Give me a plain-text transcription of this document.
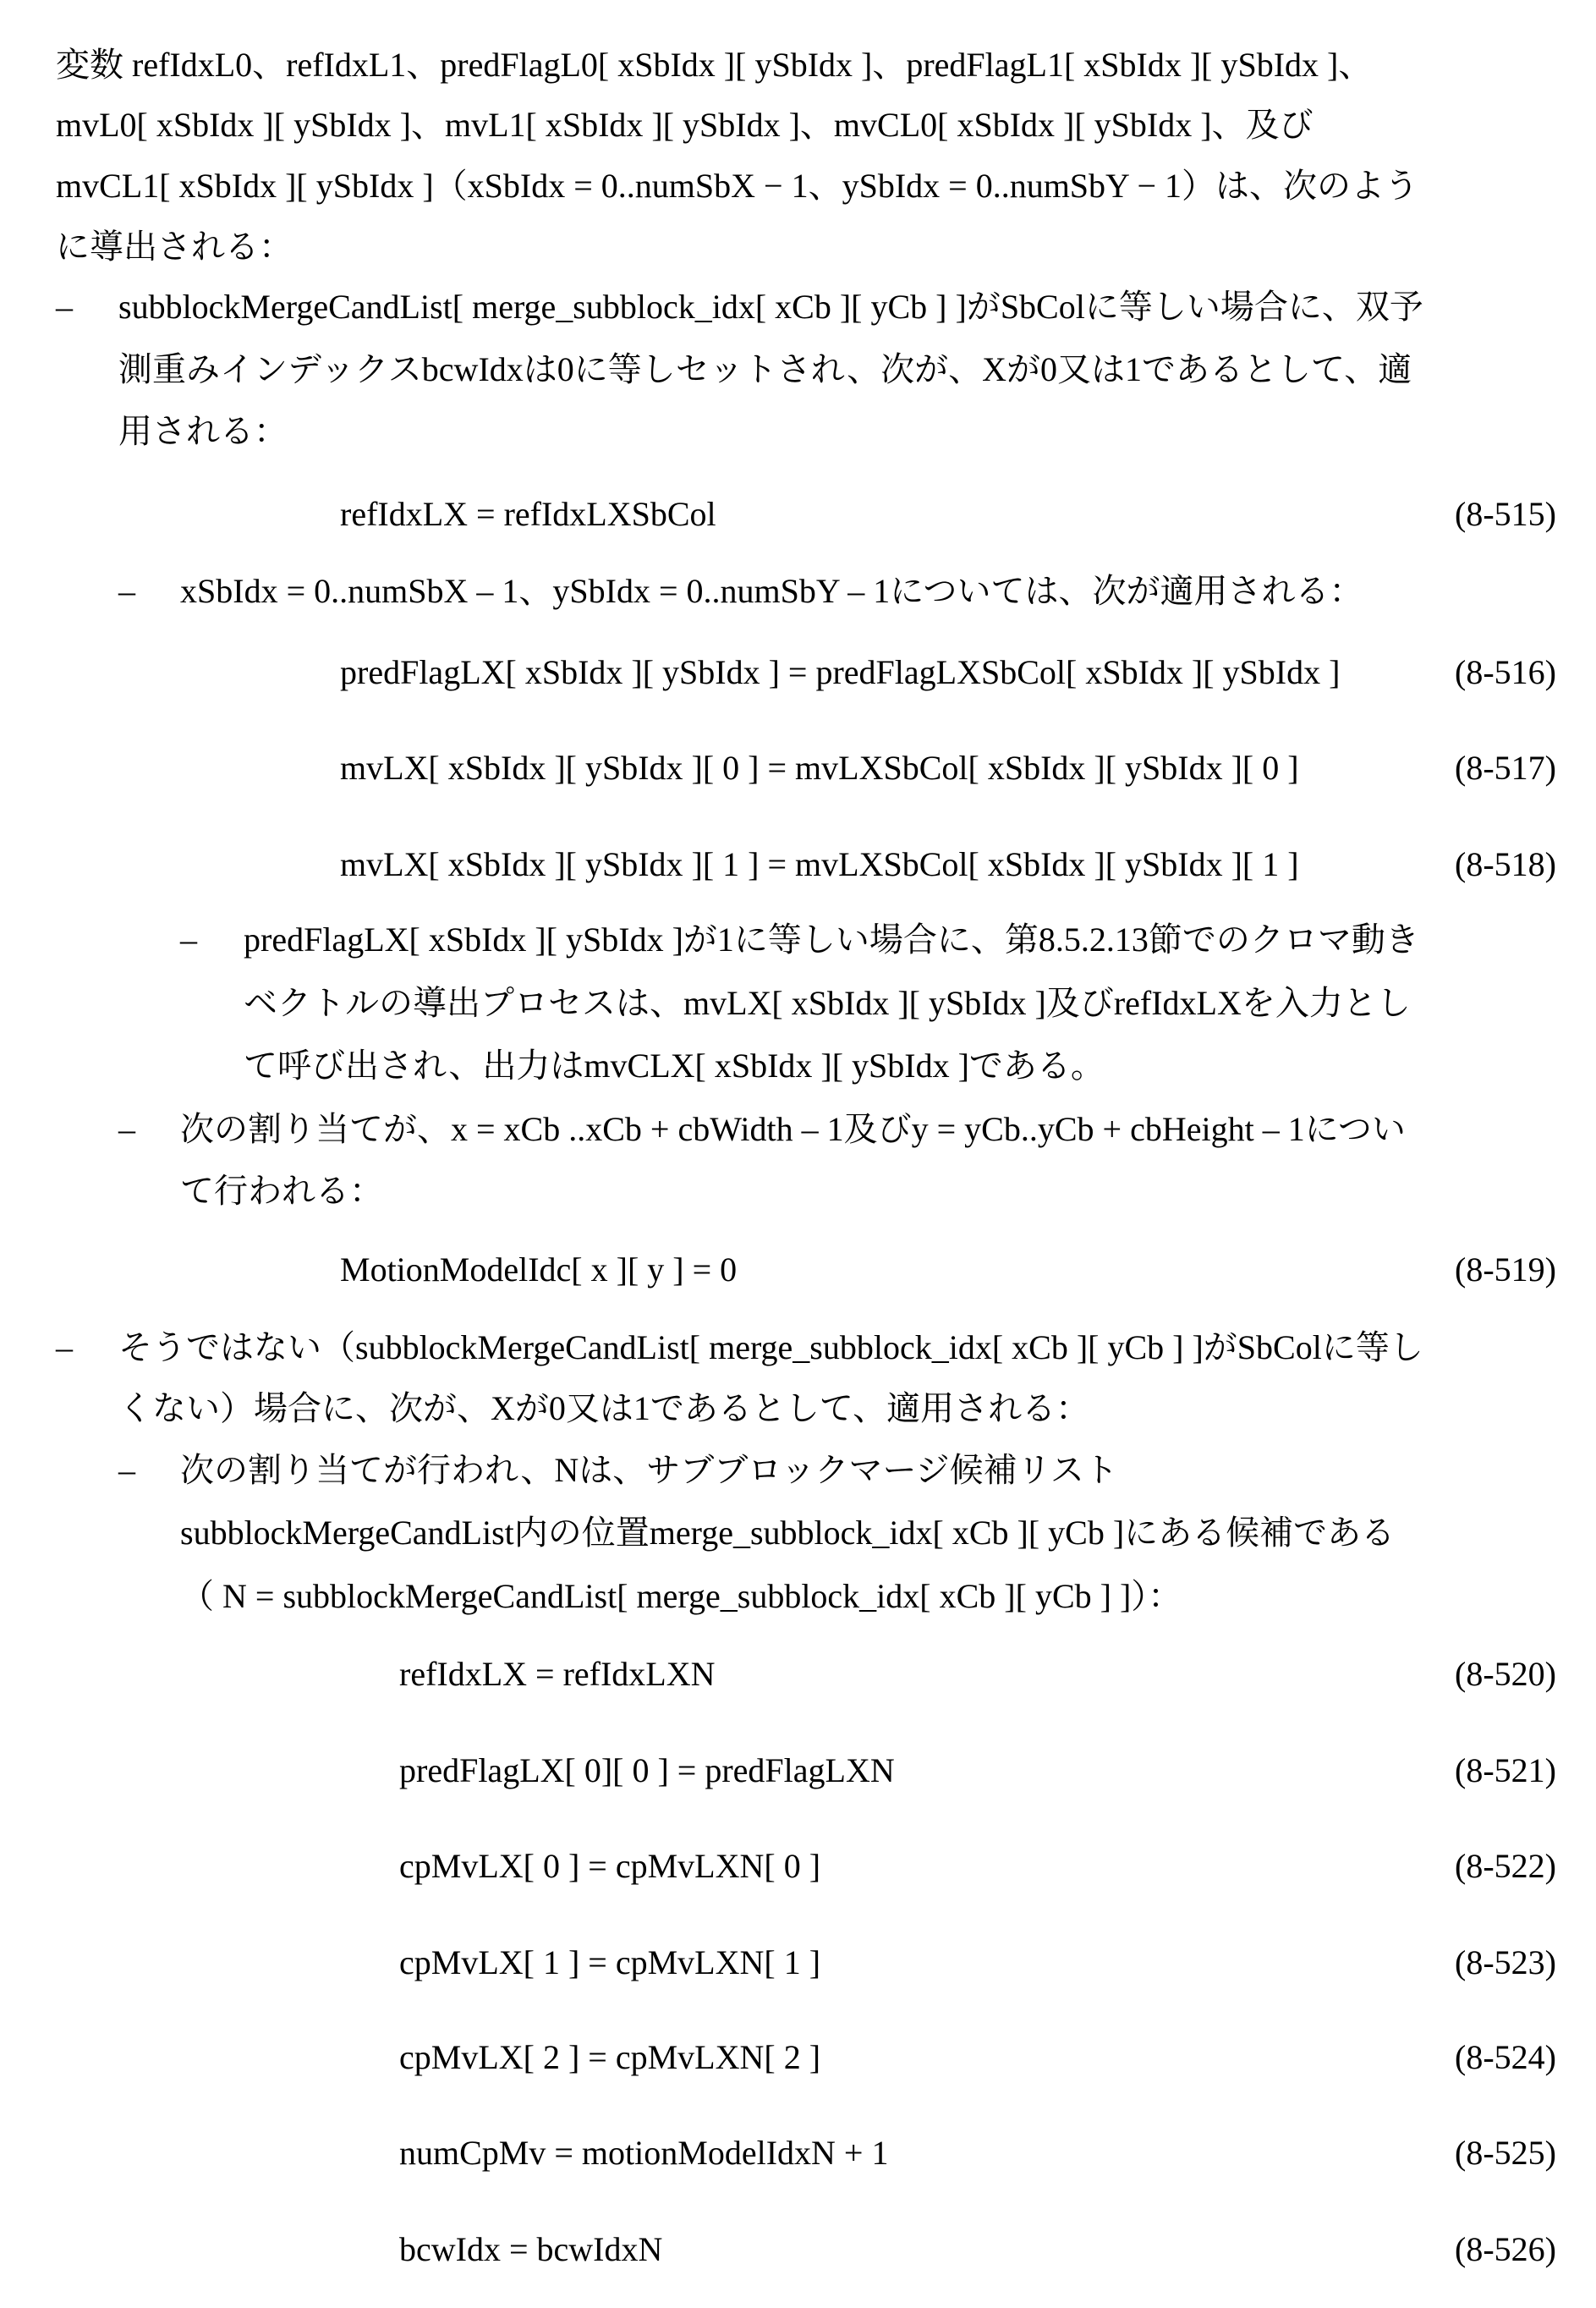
変数 refIdxL0、refIdxL1、predFlagL0[ xSbIdx ][ ySbIdx ]、predFlagL1[ xSbIdx ][ ySbIdx ]、
mvL0[ xSbIdx ][ ySbIdx ]、mvL1[ xSbIdx ][ ySbIdx ]、mvCL0[ xSbIdx ][ ySbIdx ]、及び
mvCL1[ xSbIdx ][ ySbIdx ]（xSbIdx = 0..numSbX − 1、ySbIdx = 0..numSbY − 1）は、次のよう
に導出される：
– subblockMergeCandList[ merge_subblock_idx[ xCb ][ yCb ] ]がSbColに等しい場合に、双予
測重みインデックスbcwIdxは0に等しセットされ、次が、Xが0又は1であるとして、適
用される：
refIdxLX = refIdxLXSbCol	(8-515)
– xSbIdx = 0..numSbX – 1、ySbIdx = 0..numSbY – 1については、次が適用される：
predFlagLX[ xSbIdx ][ ySbIdx ] = predFlagLXSbCol[ xSbIdx ][ ySbIdx ]	(8-516)
mvLX[ xSbIdx ][ ySbIdx ][ 0 ] = mvLXSbCol[ xSbIdx ][ ySbIdx ][ 0 ]	(8-517)
mvLX[ xSbIdx ][ ySbIdx ][ 1 ] = mvLXSbCol[ xSbIdx ][ ySbIdx ][ 1 ]	(8-518)
– predFlagLX[ xSbIdx ][ ySbIdx ]が1に等しい場合に、第8.5.2.13節でのクロマ動き
ベクトルの導出プロセスは、mvLX[ xSbIdx ][ ySbIdx ]及びrefIdxLXを入力とし
て呼び出され、出力はmvCLX[ xSbIdx ][ ySbIdx ]である。
– 次の割り当てが、x = xCb ..xCb + cbWidth – 1及びy = yCb..yCb + cbHeight – 1につい
て行われる：
MotionModelIdc[ x ][ y ] = 0	(8-519)
– そうではない（subblockMergeCandList[ merge_subblock_idx[ xCb ][ yCb ] ]がSbColに等し
くない）場合に、次が、Xが0又は1であるとして、適用される：
– 次の割り当てが行われ、Nは、サブブロックマージ候補リスト
subblockMergeCandList内の位置merge_subblock_idx[ xCb ][ yCb ]にある候補である
（ N = subblockMergeCandList[ merge_subblock_idx[ xCb ][ yCb ] ]）：
refIdxLX = refIdxLXN	(8-520)
predFlagLX[ 0][ 0 ] = predFlagLXN	(8-521)
cpMvLX[ 0 ] = cpMvLXN[ 0 ]	(8-522)
cpMvLX[ 1 ] = cpMvLXN[ 1 ]	(8-523)
cpMvLX[ 2 ] = cpMvLXN[ 2 ]	(8-524)
numCpMv = motionModelIdxN + 1	(8-525)
bcwIdx = bcwIdxN	(8-526)
